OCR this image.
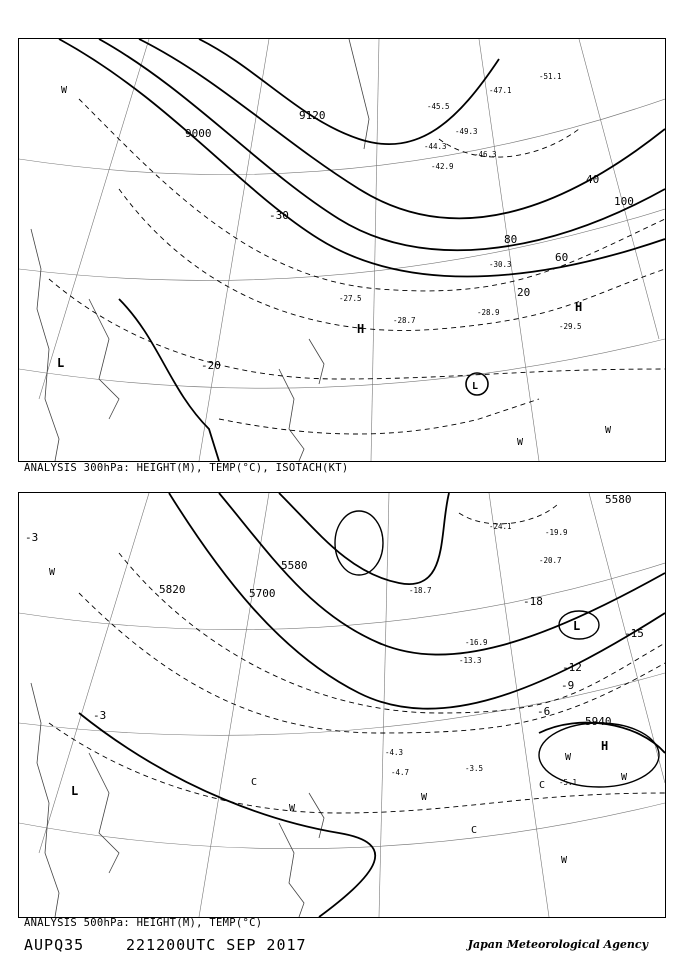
9000
9120
20
40
60
80
100
-20
-30
H
H
L
L
-27.5
-28.7
-28.9
-29.5
-30.3
-42.9
-44.3
-45.5
-46.3
-47.1
-49.3
-51.1
W
W
W
ANALYSIS 300hPa: HEIGHT(M), TEMP(°C), ISOTACH(KT)
5580
5580
5700
5820
5940
-3
-3	-6
-9
-12
-15
-18
H
L
L
W
W
W
W
W
W
C	C
C
-4.3
-4.7	-3.5
-5.1
-13.3
-16.9
-18.7
-19.9
-20.7
-24.1
ANALYSIS 500hPa: HEIGHT(M), TEMP(°C)
AUPQ35	221200UTC SEP 2017	Japan Meteorological Agency
